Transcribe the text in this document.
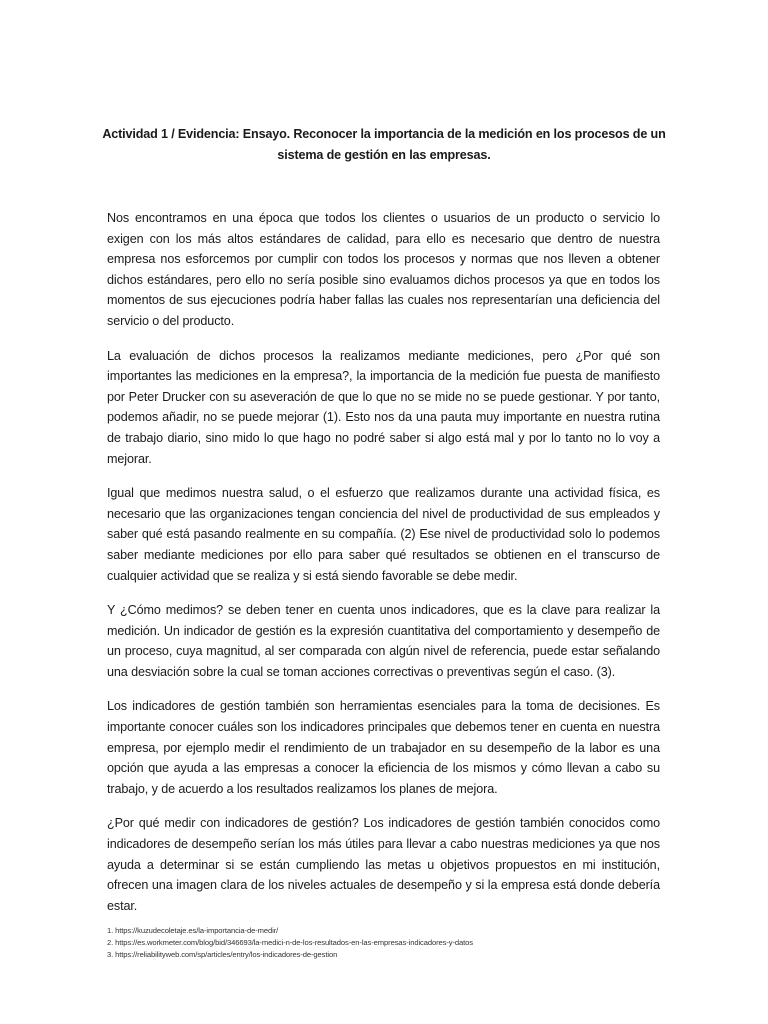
Actividad 1 / Evidencia: Ensayo. Reconocer la importancia de la medición en los procesos de un sistema de gestión en las empresas.

Nos encontramos en una época que todos los clientes o usuarios de un producto o servicio lo exigen con los más altos estándares de calidad, para ello es necesario que dentro de nuestra empresa nos esforcemos por cumplir con todos los procesos y normas que nos lleven a obtener dichos estándares, pero ello no sería posible sino evaluamos dichos procesos ya que en todos los momentos de sus ejecuciones podría haber fallas las cuales nos representarían una deficiencia del servicio o del producto.

La evaluación de dichos procesos la realizamos mediante mediciones, pero ¿Por qué son importantes las mediciones en la empresa?, la importancia de la medición fue puesta de manifiesto por Peter Drucker con su aseveración de que lo que no se mide no se puede gestionar. Y por tanto, podemos añadir, no se puede mejorar (1). Esto nos da una pauta muy importante en nuestra rutina de trabajo diario, sino mido lo que hago no podré saber si algo está mal y por lo tanto no lo voy a mejorar.

Igual que medimos nuestra salud, o el esfuerzo que realizamos durante una actividad física, es necesario que las organizaciones tengan conciencia del nivel de productividad de sus empleados y saber qué está pasando realmente en su compañía. (2) Ese nivel de productividad solo lo podemos saber mediante mediciones por ello para saber qué resultados se obtienen en el transcurso de cualquier actividad que se realiza y si está siendo favorable se debe medir.

Y ¿Cómo medimos? se deben tener en cuenta unos indicadores, que es la clave para realizar la medición. Un indicador de gestión es la expresión cuantitativa del comportamiento y desempeño de un proceso, cuya magnitud, al ser comparada con algún nivel de referencia, puede estar señalando una desviación sobre la cual se toman acciones correctivas o preventivas según el caso. (3).

Los indicadores de gestión también son herramientas esenciales para la toma de decisiones. Es importante conocer cuáles son los indicadores principales que debemos tener en cuenta en nuestra empresa, por ejemplo medir el rendimiento de un trabajador en su desempeño de la labor es una opción que ayuda a las empresas a conocer la eficiencia de los mismos y cómo llevan a cabo su trabajo, y de acuerdo a los resultados realizamos los planes de mejora.

¿Por qué medir con indicadores de gestión? Los indicadores de gestión también conocidos como indicadores de desempeño serían los más útiles para llevar a cabo nuestras mediciones ya que nos ayuda a determinar si se están cumpliendo las metas u objetivos propuestos en mi institución, ofrecen una imagen clara de los niveles actuales de desempeño y si la empresa está donde debería estar.

1. https://kuzudecoletaje.es/la-importancia-de-medir/
2. https://es.workmeter.com/blog/bid/346693/la-medici-n-de-los-resultados-en-las-empresas-indicadores-y-datos
3. https://reliabilityweb.com/sp/articles/entry/los-indicadores-de-gestion
